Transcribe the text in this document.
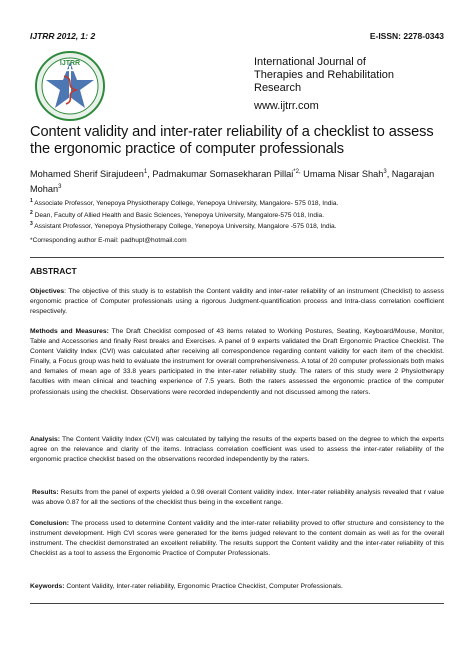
IJTRR 2012, 1: 2	E-ISSN: 2278-0343
IJTRR	International Journal of
Therapies and Rehabilitation
Research
www.ijtrr.com
Content validity and inter-rater reliability of a checklist to assess the ergonomic practice of computer professionals
Mohamed Sherif Sirajudeen$^1$, Padmakumar Somasekharan Pillai$^{*2,}$ Umama Nisar Shah$^3$, Nagarajan Mohan$^3$
$^1$ Associate Professor, Yenepoya Physiotherapy College, Yenepoya University, Mangalore- 575 018, India.
$^2$ Dean, Faculty of Allied Health and Basic Sciences, Yenepoya University, Mangalore-575 018, India.
$^3$ Assistant Professor, Yenepoya Physiotherapy College, Yenepoya University, Mangalore -575 018, India.
*Corresponding author E-mail: padhupt@hotmail.com
ABSTRACT
Objectives: The objective of this study is to establish the Content validity and inter-rater reliability of an instrument (Checklist) to assess ergonomic practice of Computer professionals using a rigorous Judgment-quantification process and Intra-class correlation coefficient respectively.
Methods and Measures: The Draft Checklist composed of 43 items related to Working Postures, Seating, Keyboard/Mouse, Monitor, Table and Accessories and finally Rest breaks and Exercises. A panel of 9 experts validated the Draft Ergonomic Practice Checklist. The Content Validity Index (CVI) was calculated after receiving all correspondence regarding content validity for each item of the checklist. Finally, a Focus group was held to evaluate the instrument for overall comprehensiveness. A total of 20 computer professionals both males and females of mean age of 33.8 years participated in the inter-rater reliability study. The raters of this study were 2 Physiotherapy faculties with mean clinical and teaching experience of 7.5 years. Both the raters assessed the ergonomic practice of the computer professionals using the checklist. Observations were recorded independently and not discussed among the raters.
Analysis: The Content Validity Index (CVI) was calculated by tallying the results of the experts based on the degree to which the experts agree on the relevance and clarity of the items. Intraclass correlation coefficient was used to assess the inter-rater reliability of the ergonomic practice checklist based on the observations recorded independently by the raters.
Results: Results from the panel of experts yielded a 0.98 overall Content validity index. Inter-rater reliability analysis revealed that r value was above 0.87 for all the sections of the checklist thus being in the excellent range.
Conclusion: The process used to determine Content validity and the inter-rater reliability proved to offer structure and consistency to the instrument development. High CVI scores were generated for the items judged relevant to the content domain as well as for the overall instrument. The checklist demonstrated an excellent reliability. The results support the Content validity and the inter-rater reliability of this Checklist as a tool to assess the Ergonomic Practice of Computer Professionals.
Keywords: Content Validity, Inter-rater reliability, Ergonomic Practice Checklist, Computer Professionals.
